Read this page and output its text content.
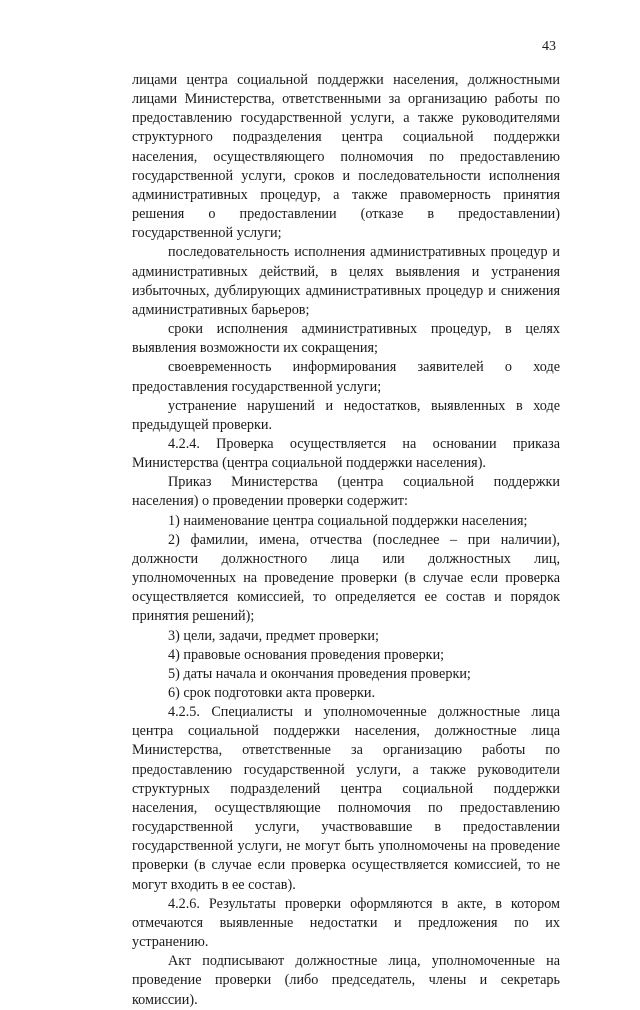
43

лицами центра социальной поддержки населения, должностными лицами Министерства, ответственными за организацию работы по предоставлению государственной услуги, а также руководителями структурного подразделения центра социальной поддержки населения, осуществляющего полномочия по предоставлению государственной услуги, сроков и последовательности исполнения административных процедур, а также правомерность принятия решения о предоставлении (отказе в предоставлении) государственной услуги;

последовательность исполнения административных процедур и административных действий, в целях выявления и устранения избыточных, дублирующих административных процедур и снижения административных барьеров;

сроки исполнения административных процедур, в целях выявления возможности их сокращения;

своевременность информирования заявителей о ходе предоставления государственной услуги;

устранение нарушений и недостатков, выявленных в ходе предыдущей проверки.

4.2.4. Проверка осуществляется на основании приказа Министерства (центра социальной поддержки населения).

Приказ Министерства (центра социальной поддержки населения) о проведении проверки содержит:

1) наименование центра социальной поддержки населения;

2) фамилии, имена, отчества (последнее – при наличии), должности должностного лица или должностных лиц, уполномоченных на проведение проверки (в случае если проверка осуществляется комиссией, то определяется ее состав и порядок принятия решений);

3) цели, задачи, предмет проверки;

4) правовые основания проведения проверки;

5) даты начала и окончания проведения проверки;

6) срок подготовки акта проверки.

4.2.5. Специалисты и уполномоченные должностные лица центра социальной поддержки населения, должностные лица Министерства, ответственные за организацию работы по предоставлению государственной услуги, а также руководители структурных подразделений центра социальной поддержки населения, осуществляющие полномочия по предоставлению государственной услуги, участвовавшие в предоставлении государственной услуги, не могут быть уполномочены на проведение проверки (в случае если проверка осуществляется комиссией, то не могут входить в ее состав).

4.2.6. Результаты проверки оформляются в акте, в котором отмечаются выявленные недостатки и предложения по их устранению.

Акт подписывают должностные лица, уполномоченные на проведение проверки (либо председатель, члены и секретарь комиссии).
